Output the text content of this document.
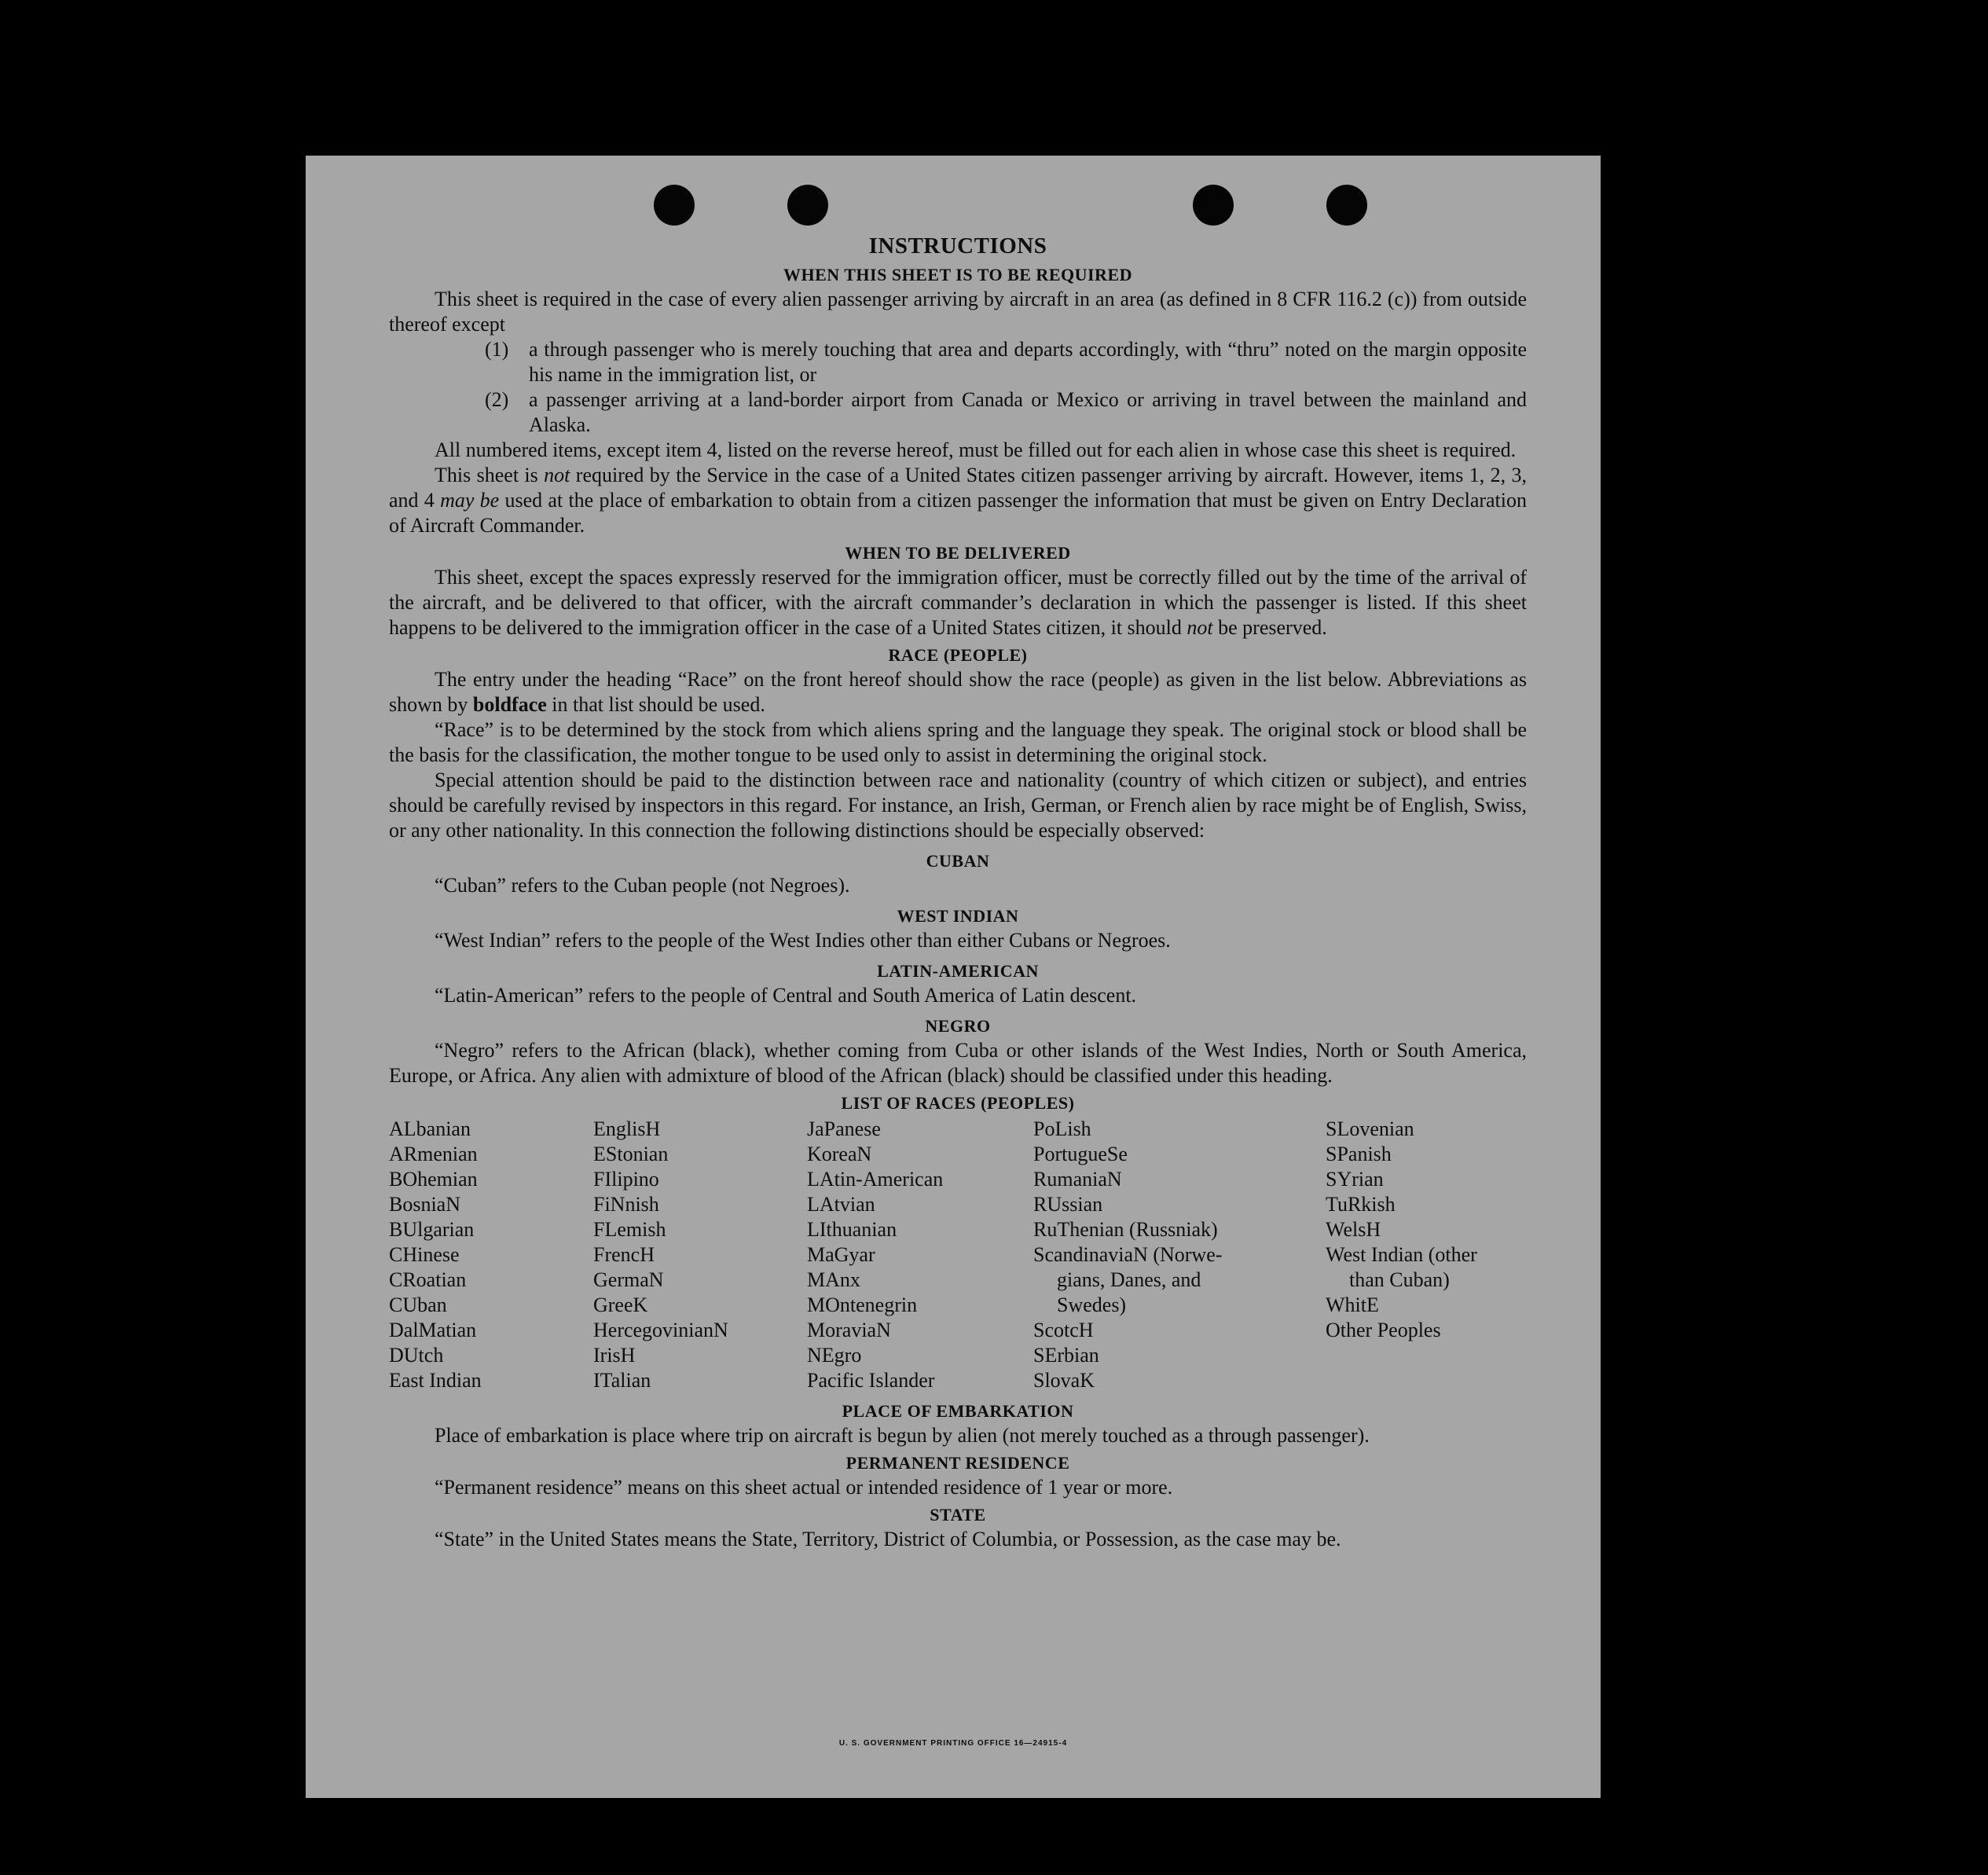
INSTRUCTIONS
WHEN THIS SHEET IS TO BE REQUIRED

This sheet is required in the case of every alien passenger arriving by aircraft in an area (as defined in 8 CFR 116.2 (c)) from outside thereof except

(1) a through passenger who is merely touching that area and departs accordingly, with “thru” noted on the margin opposite his name in the immigration list, or
(2) a passenger arriving at a land-border airport from Canada or Mexico or arriving in travel between the mainland and Alaska.

All numbered items, except item 4, listed on the reverse hereof, must be filled out for each alien in whose case this sheet is required.

This sheet is not required by the Service in the case of a United States citizen passenger arriving by aircraft. However, items 1, 2, 3, and 4 may be used at the place of embarkation to obtain from a citizen passenger the information that must be given on Entry Declaration of Aircraft Commander.

WHEN TO BE DELIVERED

This sheet, except the spaces expressly reserved for the immigration officer, must be correctly filled out by the time of the arrival of the aircraft, and be delivered to that officer, with the aircraft commander’s declaration in which the passenger is listed. If this sheet happens to be delivered to the immigration officer in the case of a United States citizen, it should not be preserved.

RACE (PEOPLE)

The entry under the heading “Race” on the front hereof should show the race (people) as given in the list below. Abbreviations as shown by boldface in that list should be used.

“Race” is to be determined by the stock from which aliens spring and the language they speak. The original stock or blood shall be the basis for the classification, the mother tongue to be used only to assist in determining the original stock.

Special attention should be paid to the distinction between race and nationality (country of which citizen or subject), and entries should be carefully revised by inspectors in this regard. For instance, an Irish, German, or French alien by race might be of English, Swiss, or any other nationality. In this connection the following distinctions should be especially observed:

CUBAN

“Cuban” refers to the Cuban people (not Negroes).

WEST INDIAN

“West Indian” refers to the people of the West Indies other than either Cubans or Negroes.

LATIN-AMERICAN

“Latin-American” refers to the people of Central and South America of Latin descent.

NEGRO

“Negro” refers to the African (black), whether coming from Cuba or other islands of the West Indies, North or South America, Europe, or Africa. Any alien with admixture of blood of the African (black) should be classified under this heading.

LIST OF RACES (PEOPLES)
ALbanian
ARmenian
BOhemian
BosniaN
BUlgarian
CHinese
CRoatian
CUban
DalMatian
DUtch
East Indian
EnglisH
EStonian
FIlipino
FiNnish
FLemish
FrencH
GermaN
GreeK
HercegovinianN
IrisH
ITalian
JaPanese
KoreaN
LAtin-American
LAtvian
LIthuanian
MaGyar
MAnx
MOntenegrin
MoraviaN
NEgro
Pacific Islander
PoLish
PortugueSe
RumaniaN
RUssian
RuThenian (Russniak)
ScandinaviaN (Norwe-
gians, Danes, and
Swedes)
ScotcH
SErbian
SlovaK
SLovenian
SPanish
SYrian
TuRkish
WelsH
West Indian (other
than Cuban)
WhitE
Other Peoples
PLACE OF EMBARKATION

Place of embarkation is place where trip on aircraft is begun by alien (not merely touched as a through passenger).

PERMANENT RESIDENCE

“Permanent residence” means on this sheet actual or intended residence of 1 year or more.

STATE

“State” in the United States means the State, Territory, District of Columbia, or Possession, as the case may be.

U. S. GOVERNMENT PRINTING OFFICE 16—24915-4
